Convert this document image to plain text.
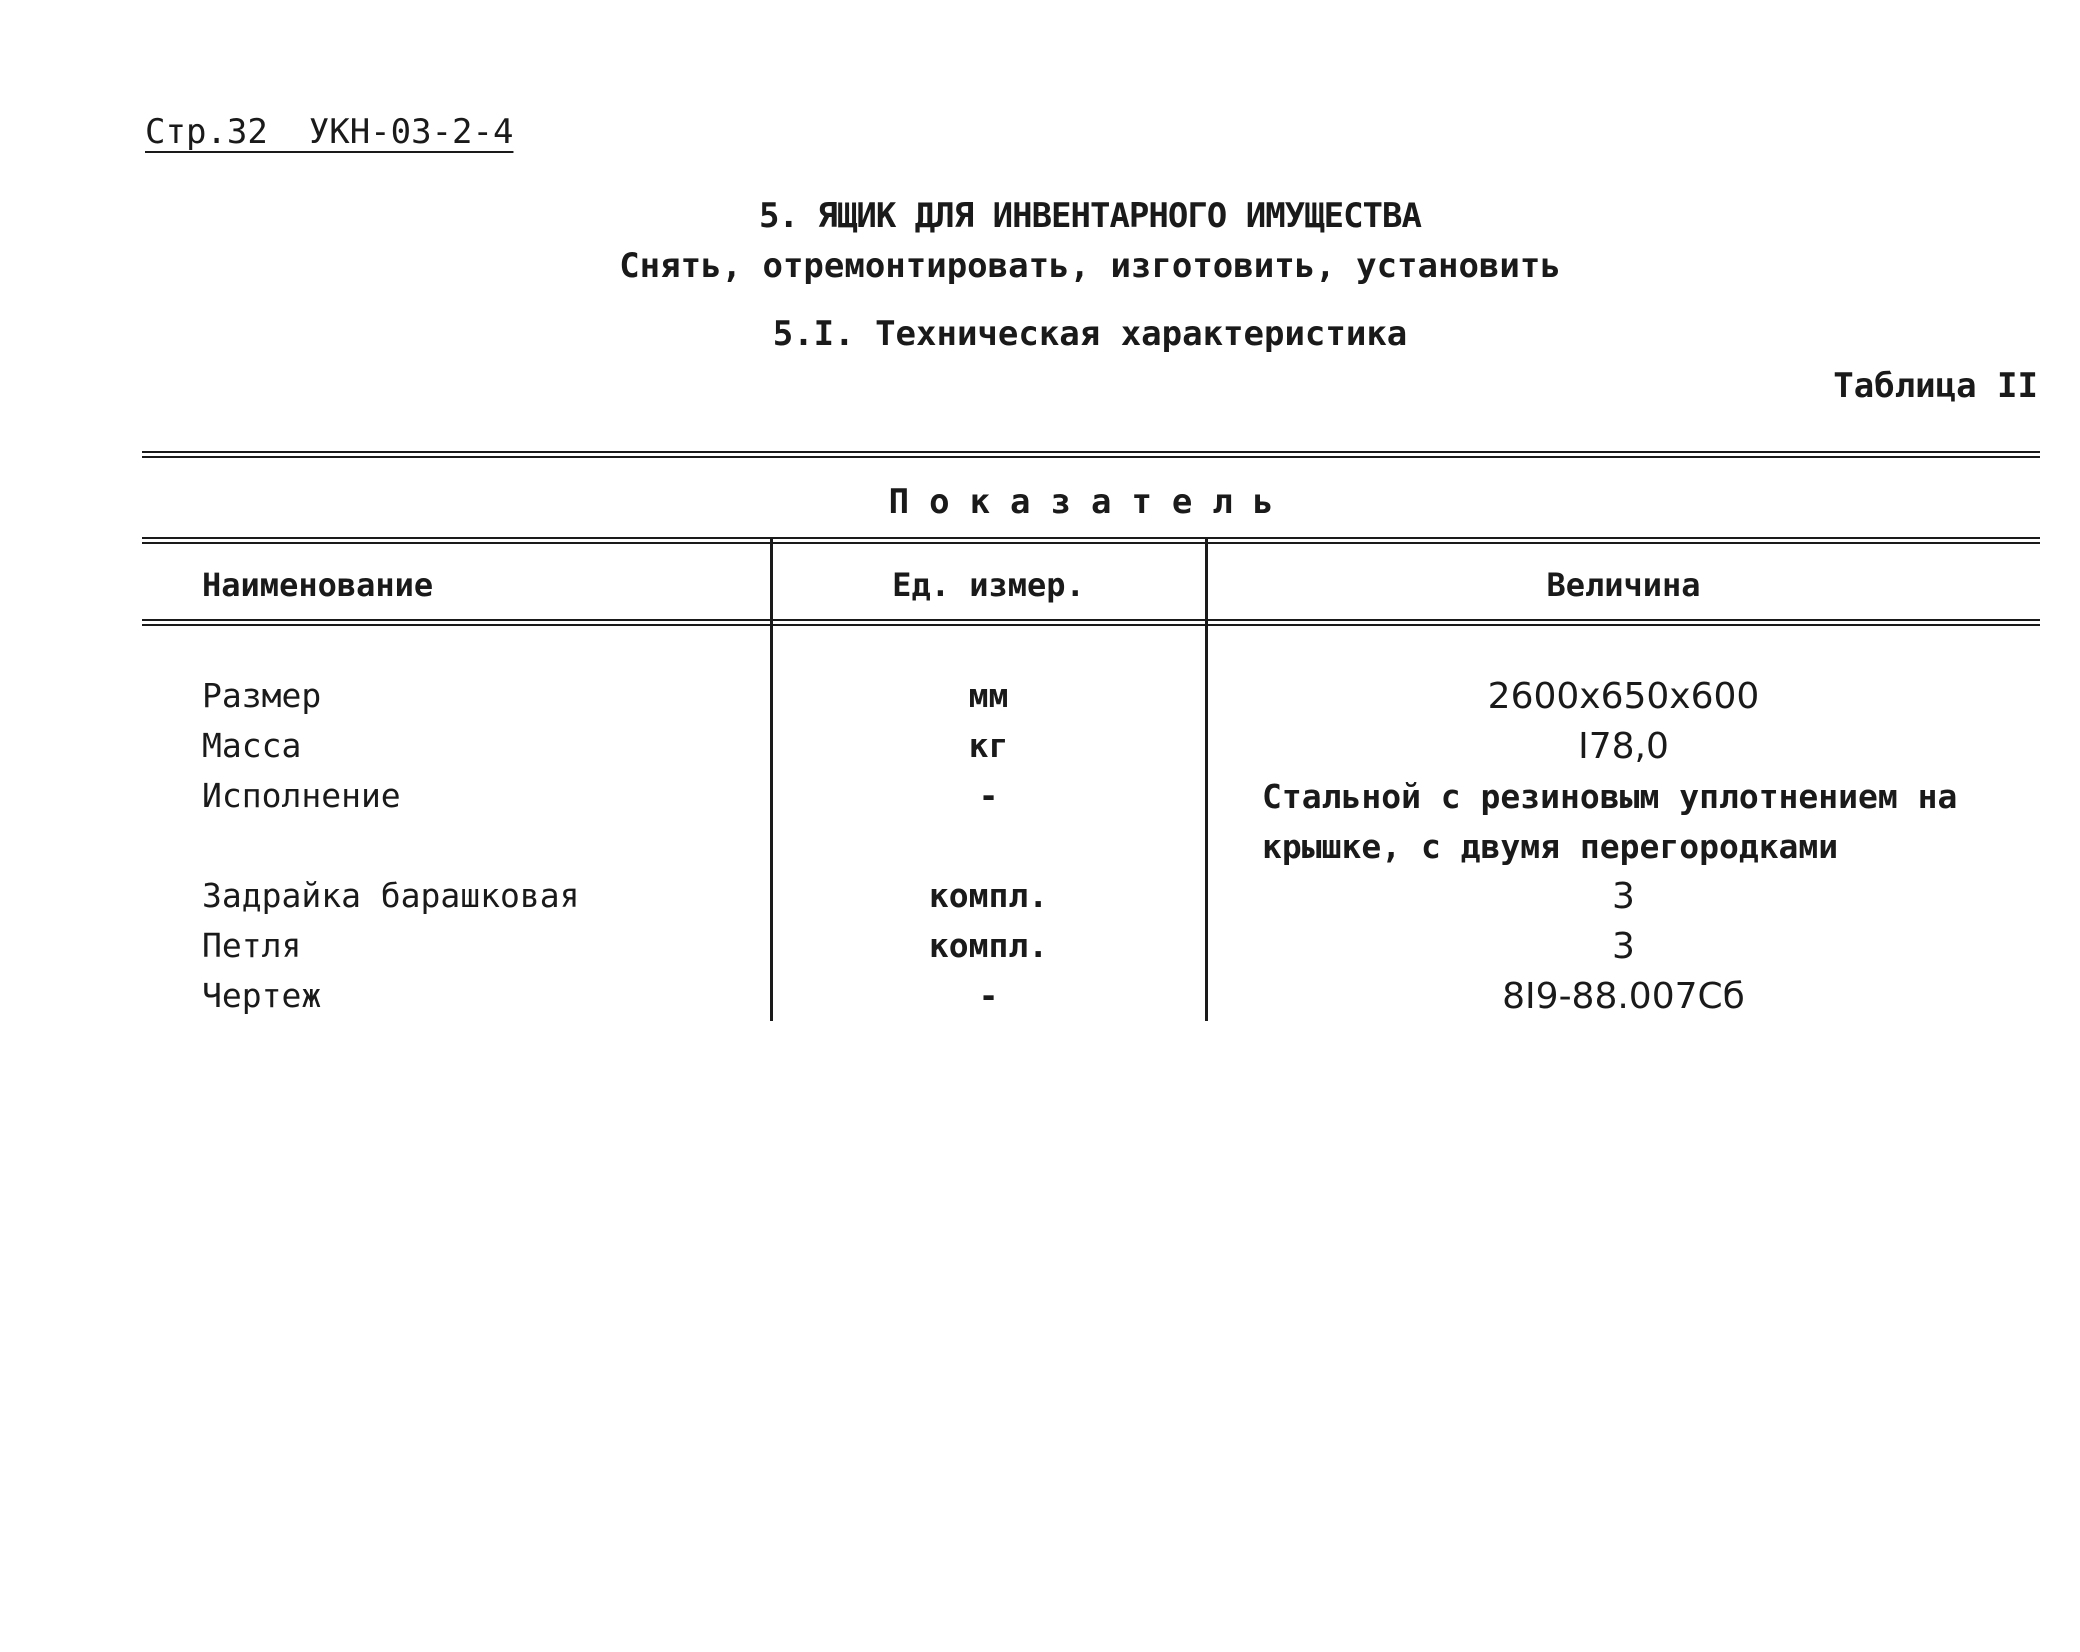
Стр.32  УКН-03-2-4
5. ЯЩИК ДЛЯ ИНВЕНТАРНОГО ИМУЩЕСТВА
Снять, отремонтировать, изготовить, установить
5.I. Техническая характеристика
Таблица II
Показатель
Наименование	Ед. измер.	Величина
Размер	мм	2600x650x600
Масса	кг	I78,0
Исполнение	-	Стальной с резиновым уплотнением на крышке, с двумя перегородками
Задрайка барашковая	компл.	3
Петля	компл.	3
Чертеж	-	8I9-88.007Сб
